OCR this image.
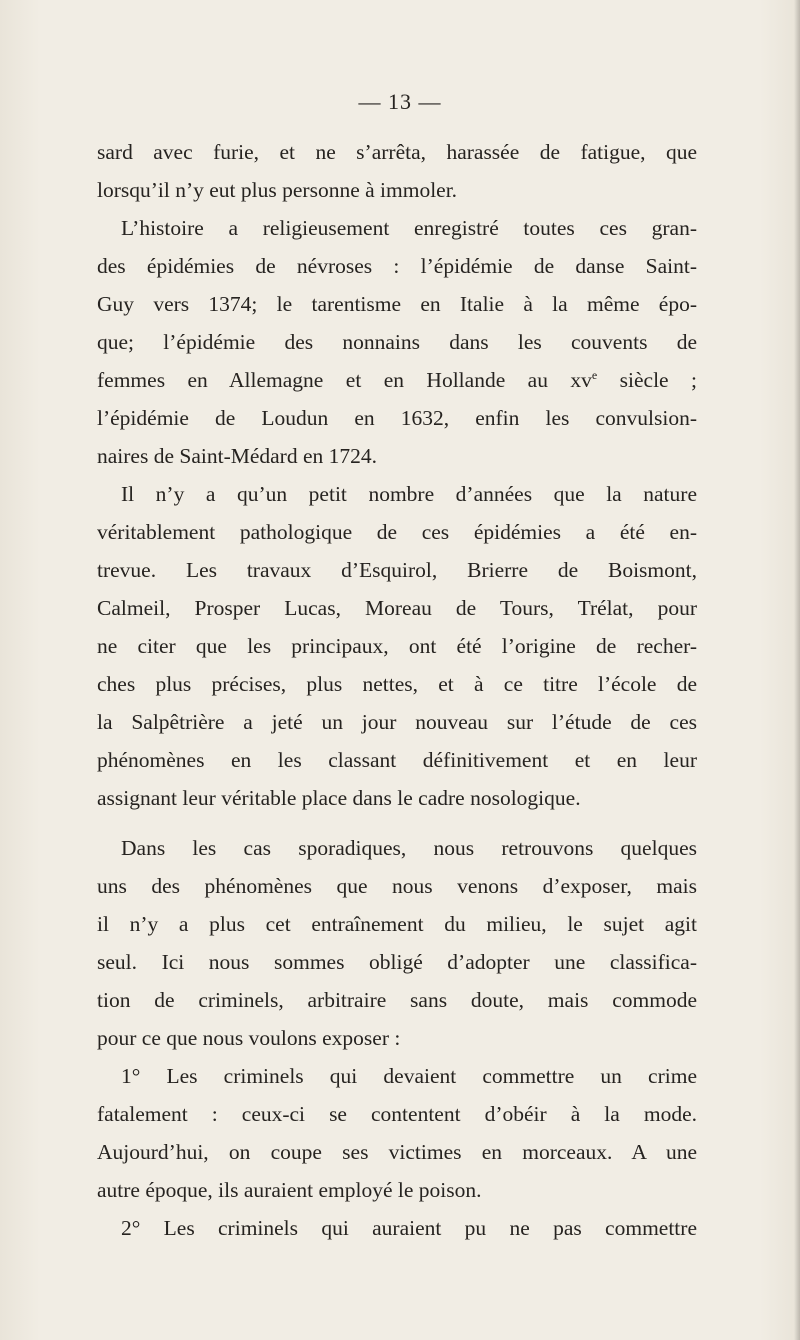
— 13 —
sard avec furie, et ne s’arrêta, harassée de fatigue, que
lorsqu’il n’y eut plus personne à immoler.
L’histoire a religieusement enregistré toutes ces gran-
des épidémies de névroses : l’épidémie de danse Saint-
Guy vers 1374; le tarentisme en Italie à la même épo-
que; l’épidémie des nonnains dans les couvents de
femmes en Allemagne et en Hollande au $xv^e$ siècle ;
l’épidémie de Loudun en 1632, enfin les convulsion-
naires de Saint-Médard en 1724.
Il n’y a qu’un petit nombre d’années que la nature
véritablement pathologique de ces épidémies a été en-
trevue. Les travaux d’Esquirol, Brierre de Boismont,
Calmeil, Prosper Lucas, Moreau de Tours, Trélat, pour
ne citer que les principaux, ont été l’origine de recher-
ches plus précises, plus nettes, et à ce titre l’école de
la Salpêtrière a jeté un jour nouveau sur l’étude de ces
phénomènes en les classant définitivement et en leur
assignant leur véritable place dans le cadre nosologique.
Dans les cas sporadiques, nous retrouvons quelques
uns des phénomènes que nous venons d’exposer, mais
il n’y a plus cet entraînement du milieu, le sujet agit
seul. Ici nous sommes obligé d’adopter une classifica-
tion de criminels, arbitraire sans doute, mais commode
pour ce que nous voulons exposer :
1° Les criminels qui devaient commettre un crime
fatalement : ceux-ci se contentent d’obéir à la mode.
Aujourd’hui, on coupe ses victimes en morceaux. A une
autre époque, ils auraient employé le poison.
2° Les criminels qui auraient pu ne pas commettre
